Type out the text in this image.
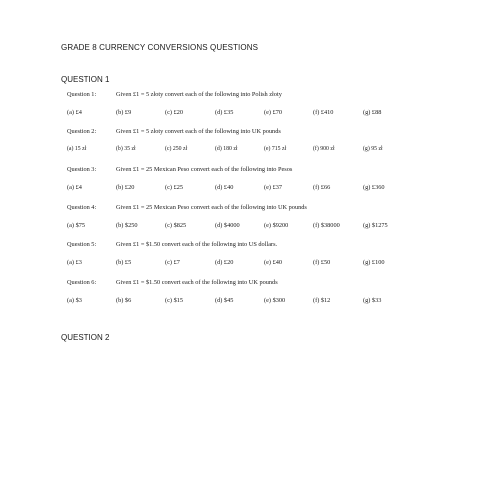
GRADE 8 CURRENCY CONVERSIONS QUESTIONS
QUESTION 1
Question 1:	Given £1 = 5 złoty convert each of the following into Polish złoty
(a) £4	(b) £9	(c) £20	(d) £35	(e) £70	(f) £410	(g) £88
Question 2:	Given £1 = 5 złoty convert each of the following into UK pounds
(a) 15 zł	(b) 35 zł	(c) 250 zł	(d) 180 zł	(e) 715 zł	(f) 900 zł	(g) 95 zł
Question 3:	Given £1 = 25 Mexican Peso convert each of the following into Pesos
(a) £4	(b) £20	(c) £25	(d) £40	(e) £37	(f) £66	(g) £360
Question 4:	Given £1 = 25 Mexican Peso convert each of the following into UK pounds
(a) $75	(b) $250	(c) $825	(d) $4000	(e) $9200	(f) $38000	(g) $1275
Question 5:	Given £1 = $1.50 convert each of the following into US dollars.
(a) £3	(b) £5	(c) £7	(d) £20	(e) £40	(f) £50	(g) £100
Question 6:	Given £1 = $1.50 convert each of the following into UK pounds
(a) $3	(b) $6	(c) $15	(d) $45	(e) $300	(f) $12	(g) $33
QUESTION 2
